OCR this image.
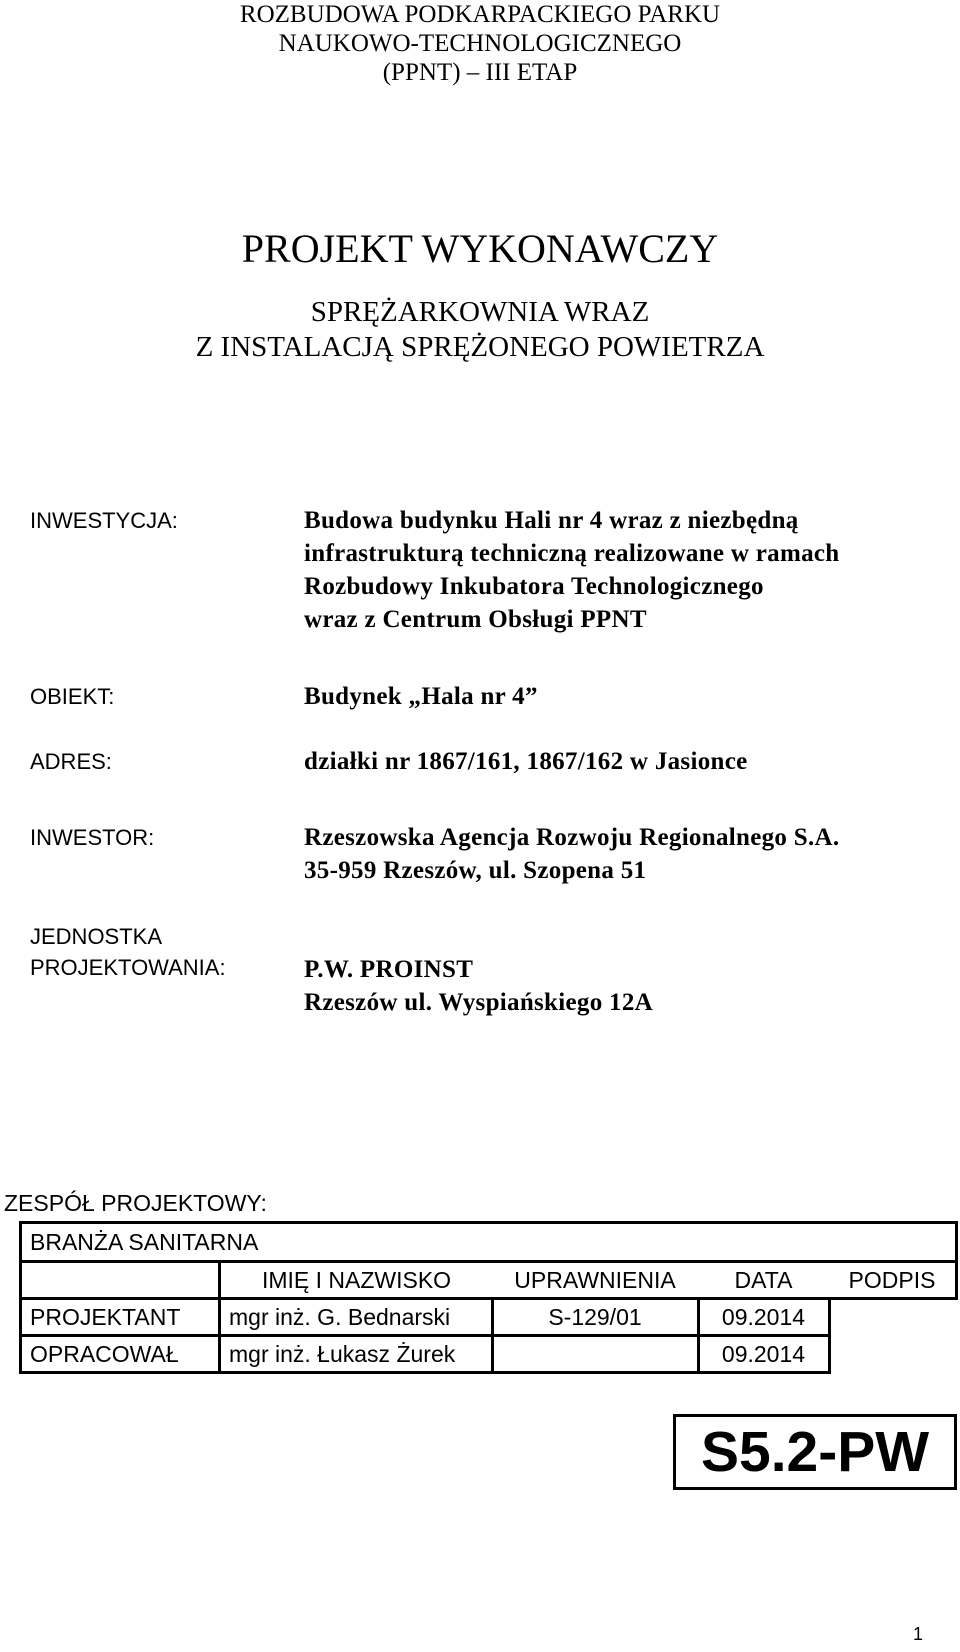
ROZBUDOWA PODKARPACKIEGO PARKU
NAUKOWO-TECHNOLOGICZNEGO
(PPNT) – III ETAP
PROJEKT WYKONAWCZY
SPRĘŻARKOWNIA WRAZ
Z INSTALACJĄ SPRĘŻONEGO POWIETRZA
INWESTYCJA:	Budowa budynku Hali nr 4 wraz z niezbędną
infrastrukturą techniczną realizowane w ramach
Rozbudowy Inkubatora Technologicznego
wraz z Centrum Obsługi PPNT
OBIEKT:	Budynek „Hala nr 4”
ADRES:	działki nr 1867/161, 1867/162 w Jasionce
INWESTOR:	Rzeszowska Agencja Rozwoju Regionalnego S.A.
35-959 Rzeszów, ul. Szopena 51
JEDNOSTKA
PROJEKTOWANIA:	P.W. PROINST
Rzeszów ul. Wyspiańskiego 12A
ZESPÓŁ PROJEKTOWY:
BRANŻA SANITARNA				
	IMIĘ I NAZWISKO	UPRAWNIENIA	DATA	PODPIS
PROJEKTANT	mgr inż. G. Bednarski	S-129/01	09.2014	
OPRACOWAŁ	mgr inż. Łukasz Żurek		09.2014	
S5.2-PW
1
